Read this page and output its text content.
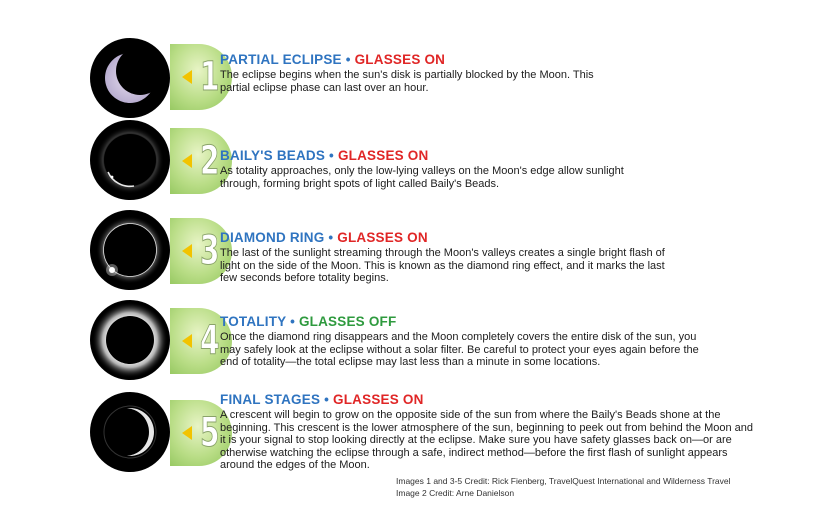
1 PARTIAL ECLIPSE • GLASSES ON
The eclipse begins when the sun's disk is partially blocked by the Moon. This partial eclipse phase can last over an hour.
2 BAILY'S BEADS • GLASSES ON
As totality approaches, only the low-lying valleys on the Moon's edge allow sunlight through, forming bright spots of light called Baily's Beads.
3 DIAMOND RING • GLASSES ON
The last of the sunlight streaming through the Moon's valleys creates a single bright flash of light on the side of the Moon. This is known as the diamond ring effect, and it marks the last few seconds before totality begins.
4 TOTALITY • GLASSES OFF
Once the diamond ring disappears and the Moon completely covers the entire disk of the sun, you may safely look at the eclipse without a solar filter. Be careful to protect your eyes again before the end of totality—the total eclipse may last less than a minute in some locations.
5
FINAL STAGES • GLASSES ON
A crescent will begin to grow on the opposite side of the sun from where the Baily's Beads shone at the beginning. This crescent is the lower atmosphere of the sun, beginning to peek out from behind the Moon and it is your signal to stop looking directly at the eclipse. Make sure you have safety glasses back on—or are otherwise watching the eclipse through a safe, indirect method—before the first flash of sunlight appears around the edges of the Moon.
Images 1 and 3-5 Credit: Rick Fienberg, TravelQuest International and Wilderness Travel
Image 2 Credit: Arne Danielson
